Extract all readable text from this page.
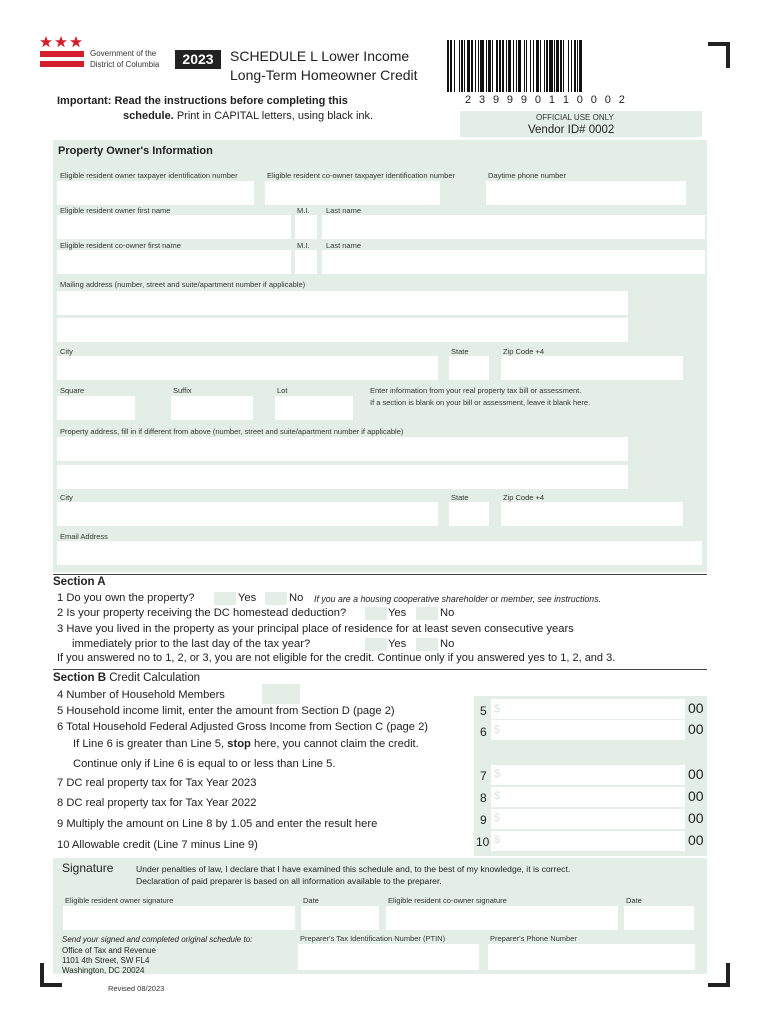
Government of the
District of Columbia	2023	SCHEDULE L Lower Income
Long-Term Homeowner Credit
Important: Read the instructions before completing this
schedule. Print in CAPITAL letters, using black ink.
2 3 9 9 9 0 1 1 0 0 0 2
OFFICIAL USE ONLY
Vendor ID# 0002
Property Owner's Information
Eligible resident owner taxpayer identification number	Eligible resident co-owner taxpayer identification number	Daytime phone number
Eligible resident owner first name	M.I. Last name
Eligible resident co-owner first name	M.I. Last name
Mailing address (number, street and suite/apartment number if applicable)
City	State	Zip Code +4
Square	Suffix	Lot	Enter information from your real property tax bill or assessment.
If a section is blank on your bill or assessment, leave it blank here.
Property address, fill in if different from above (number, street and suite/apartment number if applicable)
City	State	Zip Code +4
Email Address
Section A
1 Do you own the property?	Yes	No If you are a housing cooperative shareholder or member, see instructions.
2 Is your property receiving the DC homestead deduction?	Yes	No
3 Have you lived in the property as your principal place of residence for at least seven consecutive years
immediately prior to the last day of the tax year?	Yes	No
If you answered no to 1, 2, or 3, you are not eligible for the credit. Continue only if you answered yes to 1, 2, and 3.
Section B Credit Calculation
4 Number of Household Members
5 Household income limit, enter the amount from Section D (page 2)	5 $	00
6 Total Household Federal Adjusted Gross Income from Section C (page 2)	6 $	00
If Line 6 is greater than Line 5, stop here, you cannot claim the credit.
Continue only if Line 6 is equal to or less than Line 5.
7 DC real property tax for Tax Year 2023	7 $	00
8 DC real property tax for Tax Year 2022	8 $	00
9 Multiply the amount on Line 8 by 1.05 and enter the result here	9 $	00
10 Allowable credit (Line 7 minus Line 9)	10 $	00
Signature	Under penalties of law, I declare that I have examined this schedule and, to the best of my knowledge, it is correct.
Declaration of paid preparer is based on all information available to the preparer.
Eligible resident owner signature	Date	Eligible resident co-owner signature	Date
Send your signed and completed original schedule to:
Office of Tax and Revenue
1101 4th Street, SW FL4
Washington, DC 20024
Preparer's Tax Identification Number (PTIN)	Preparer's Phone Number
Revised 08/2023
